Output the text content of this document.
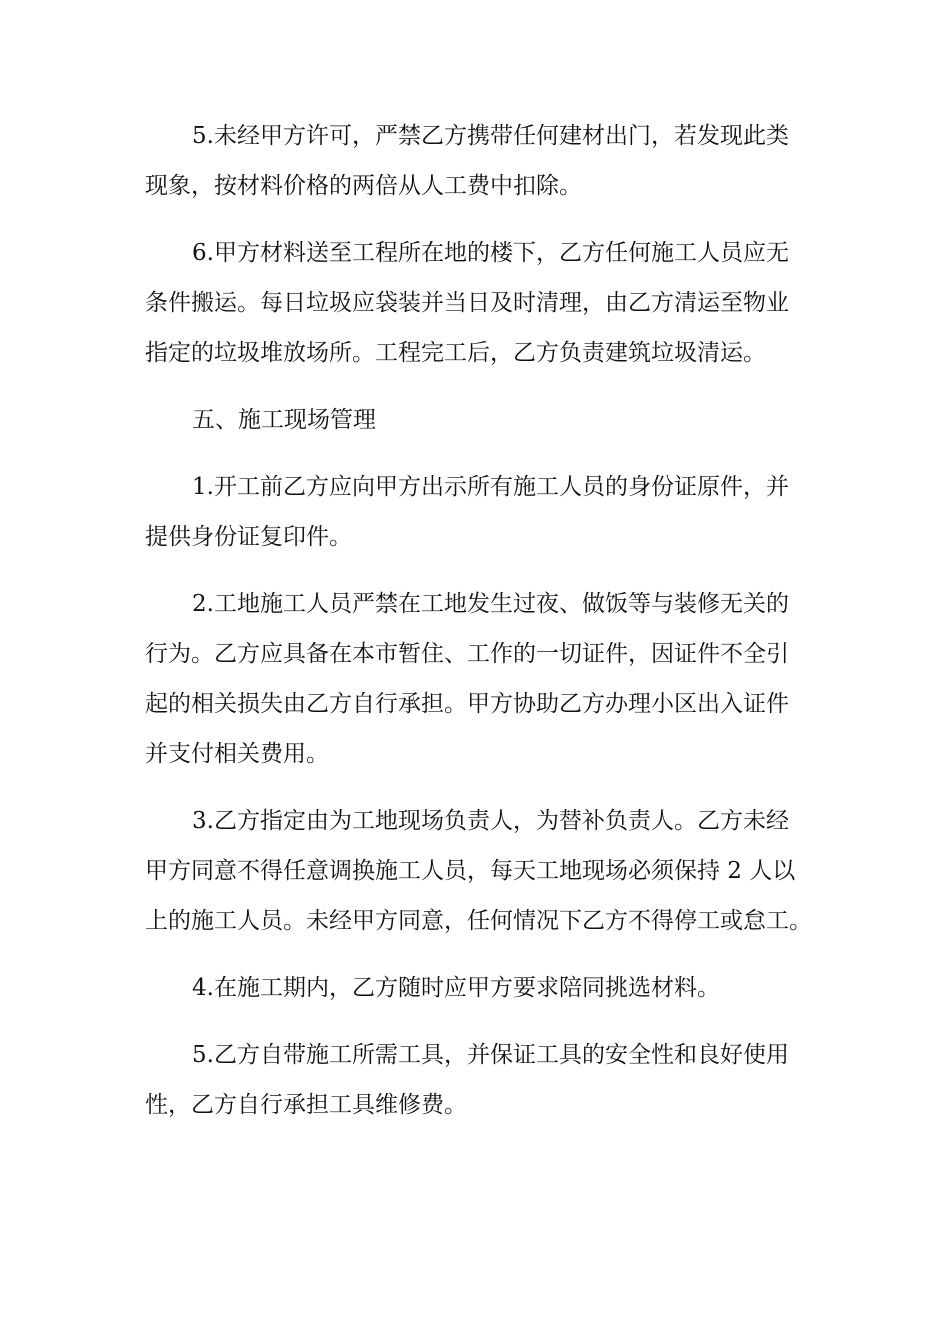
5.未经甲方许可，严禁乙方携带任何建材出门，若发现此类
现象，按材料价格的两倍从人工费中扣除。
6.甲方材料送至工程所在地的楼下，乙方任何施工人员应无
条件搬运。每日垃圾应袋装并当日及时清理，由乙方清运至物业
指定的垃圾堆放场所。工程完工后，乙方负责建筑垃圾清运。
五、施工现场管理
1.开工前乙方应向甲方出示所有施工人员的身份证原件，并
提供身份证复印件。
2.工地施工人员严禁在工地发生过夜、做饭等与装修无关的
行为。乙方应具备在本市暂住、工作的一切证件，因证件不全引
起的相关损失由乙方自行承担。甲方协助乙方办理小区出入证件
并支付相关费用。
3.乙方指定由为工地现场负责人，为替补负责人。乙方未经
甲方同意不得任意调换施工人员，每天工地现场必须保持 2 人以
上的施工人员。未经甲方同意，任何情况下乙方不得停工或怠工。
4.在施工期内，乙方随时应甲方要求陪同挑选材料。
5.乙方自带施工所需工具，并保证工具的安全性和良好使用
性，乙方自行承担工具维修费。
